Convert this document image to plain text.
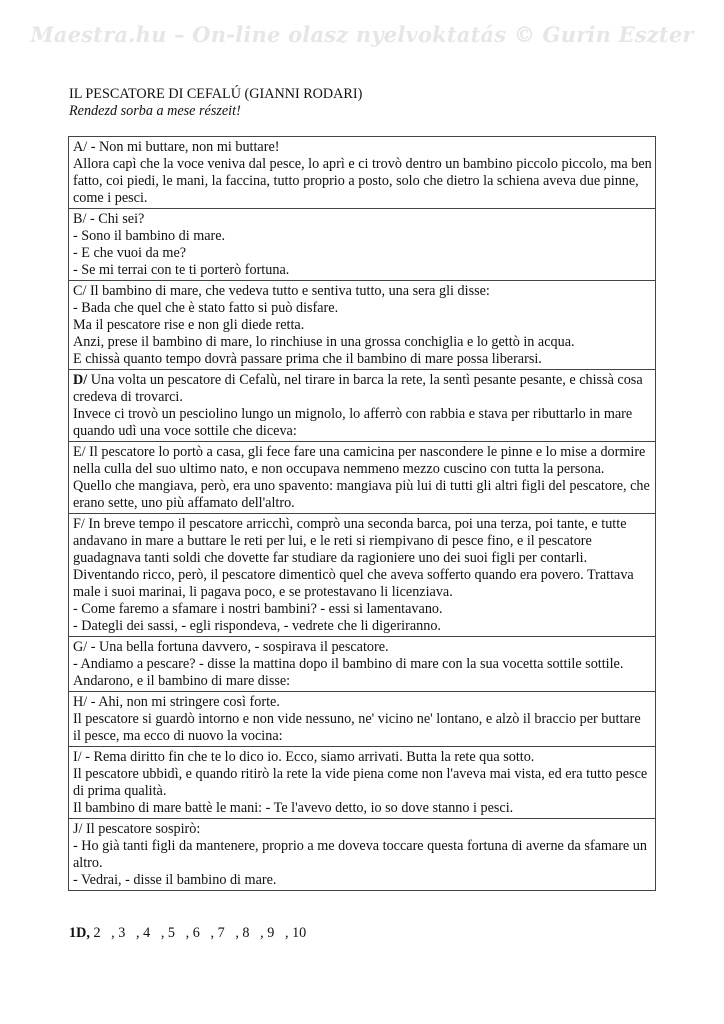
Maestra.hu – On-line olasz nyelvoktatás © Gurin Eszter
IL PESCATORE DI CEFALÚ (GIANNI RODARI)
Rendezd sorba a mese részeit!
A/ - Non mi buttare, non mi buttare!
Allora capì che la voce veniva dal pesce, lo aprì e ci trovò dentro un bambino piccolo piccolo, ma ben fatto, coi piedi, le mani, la faccina, tutto proprio a posto, solo che dietro la schiena aveva due pinne, come i pesci.

B/ - Chi sei?
- Sono il bambino di mare.
- E che vuoi da me?
- Se mi terrai con te ti porterò fortuna.

C/ Il bambino di mare, che vedeva tutto e sentiva tutto, una sera gli disse:
- Bada che quel che è stato fatto si può disfare.
Ma il pescatore rise e non gli diede retta.
Anzi, prese il bambino di mare, lo rinchiuse in una grossa conchiglia e lo gettò in acqua.
E chissà quanto tempo dovrà passare prima che il bambino di mare possa liberarsi.

D/ Una volta un pescatore di Cefalù, nel tirare in barca la rete, la sentì pesante pesante, e chissà cosa credeva di trovarci.
Invece ci trovò un pesciolino lungo un mignolo, lo afferrò con rabbia e stava per ributtarlo in mare quando udì una voce sottile che diceva:

E/ Il pescatore lo portò a casa, gli fece fare una camicina per nascondere le pinne e lo mise a dormire nella culla del suo ultimo nato, e non occupava nemmeno mezzo cuscino con tutta la persona.
Quello che mangiava, però, era uno spavento: mangiava più lui di tutti gli altri figli del pescatore, che erano sette, uno più affamato dell'altro.

F/ In breve tempo il pescatore arricchì, comprò una seconda barca, poi una terza, poi tante, e tutte andavano in mare a buttare le reti per lui, e le reti si riempivano di pesce fino, e il pescatore guadagnava tanti soldi che dovette far studiare da ragioniere uno dei suoi figli per contarli.
Diventando ricco, però, il pescatore dimenticò quel che aveva sofferto quando era povero. Trattava male i suoi marinai, li pagava poco, e se protestavano li licenziava.
- Come faremo a sfamare i nostri bambini? - essi si lamentavano.
- Dategli dei sassi, - egli rispondeva, - vedrete che li digeriranno.

G/ - Una bella fortuna davvero, - sospirava il pescatore.
- Andiamo a pescare? - disse la mattina dopo il bambino di mare con la sua vocetta sottile sottile.
Andarono, e il bambino di mare disse:

H/ - Ahi, non mi stringere così forte.
Il pescatore si guardò intorno e non vide nessuno, ne' vicino ne' lontano, e alzò il braccio per buttare il pesce, ma ecco di nuovo la vocina:

I/ - Rema diritto fin che te lo dico io. Ecco, siamo arrivati. Butta la rete qua sotto.
Il pescatore ubbidì, e quando ritirò la rete la vide piena come non l'aveva mai vista, ed era tutto pesce di prima qualità.
Il bambino di mare battè le mani: - Te l'avevo detto, io so dove stanno i pesci.

J/ Il pescatore sospirò:
- Ho già tanti figli da mantenere, proprio a me doveva toccare questa fortuna di averne da sfamare un altro.
- Vedrai, - disse il bambino di mare.
1D, 2   , 3   , 4   , 5   , 6   , 7   , 8   , 9   , 10
